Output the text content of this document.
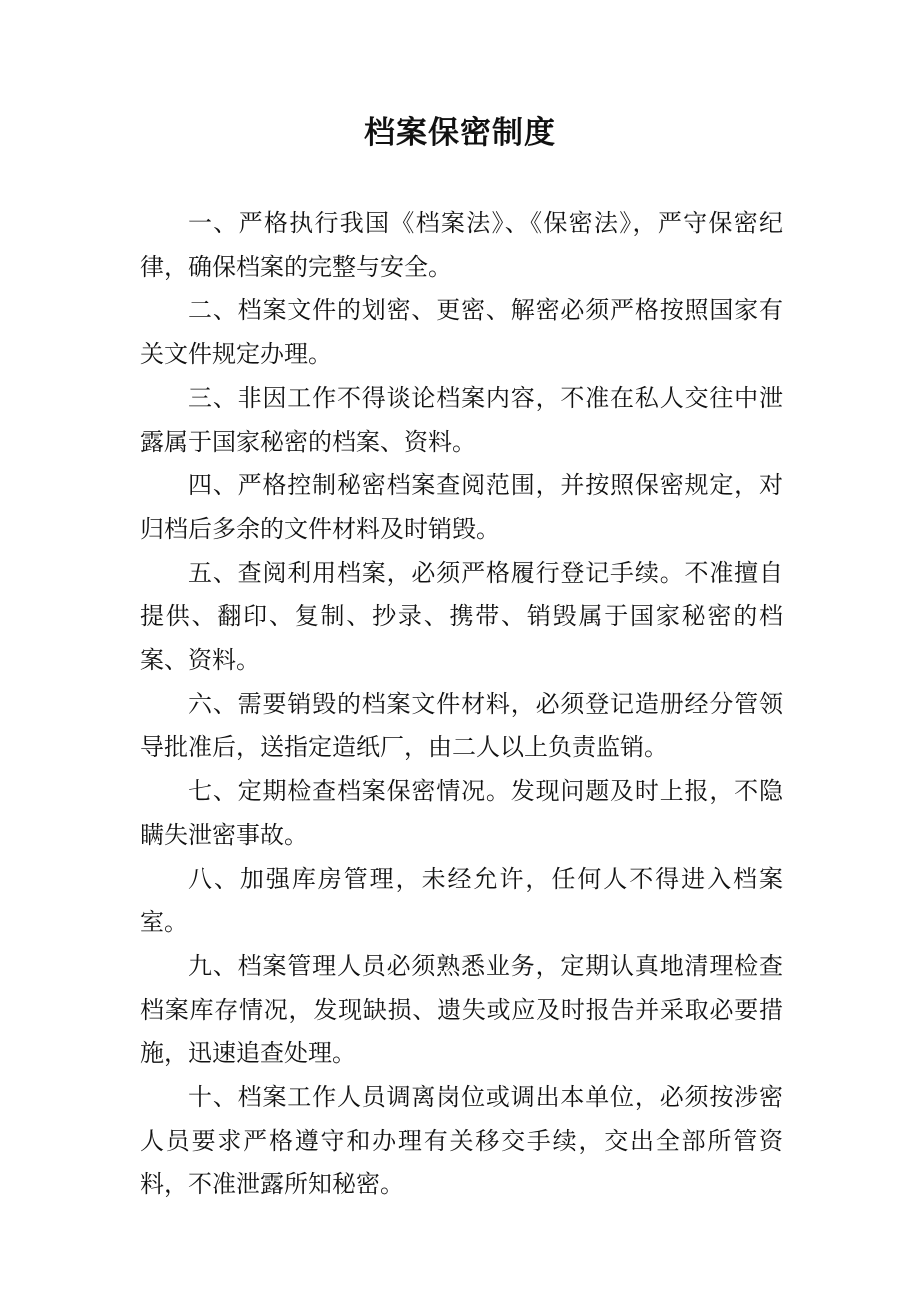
档案保密制度

一、严格执行我国《档案法》、《保密法》，严守保密纪律，确保档案的完整与安全。

二、档案文件的划密、更密、解密必须严格按照国家有关文件规定办理。

三、非因工作不得谈论档案内容，不准在私人交往中泄露属于国家秘密的档案、资料。

四、严格控制秘密档案查阅范围，并按照保密规定，对归档后多余的文件材料及时销毁。

五、查阅利用档案，必须严格履行登记手续。不准擅自提供、翻印、复制、抄录、携带、销毁属于国家秘密的档案、资料。

六、需要销毁的档案文件材料，必须登记造册经分管领导批准后，送指定造纸厂，由二人以上负责监销。

七、定期检查档案保密情况。发现问题及时上报，不隐瞒失泄密事故。

八、加强库房管理，未经允许，任何人不得进入档案室。

九、档案管理人员必须熟悉业务，定期认真地清理检查档案库存情况，发现缺损、遗失或应及时报告并采取必要措施，迅速追查处理。

十、档案工作人员调离岗位或调出本单位，必须按涉密人员要求严格遵守和办理有关移交手续，交出全部所管资料，不准泄露所知秘密。
